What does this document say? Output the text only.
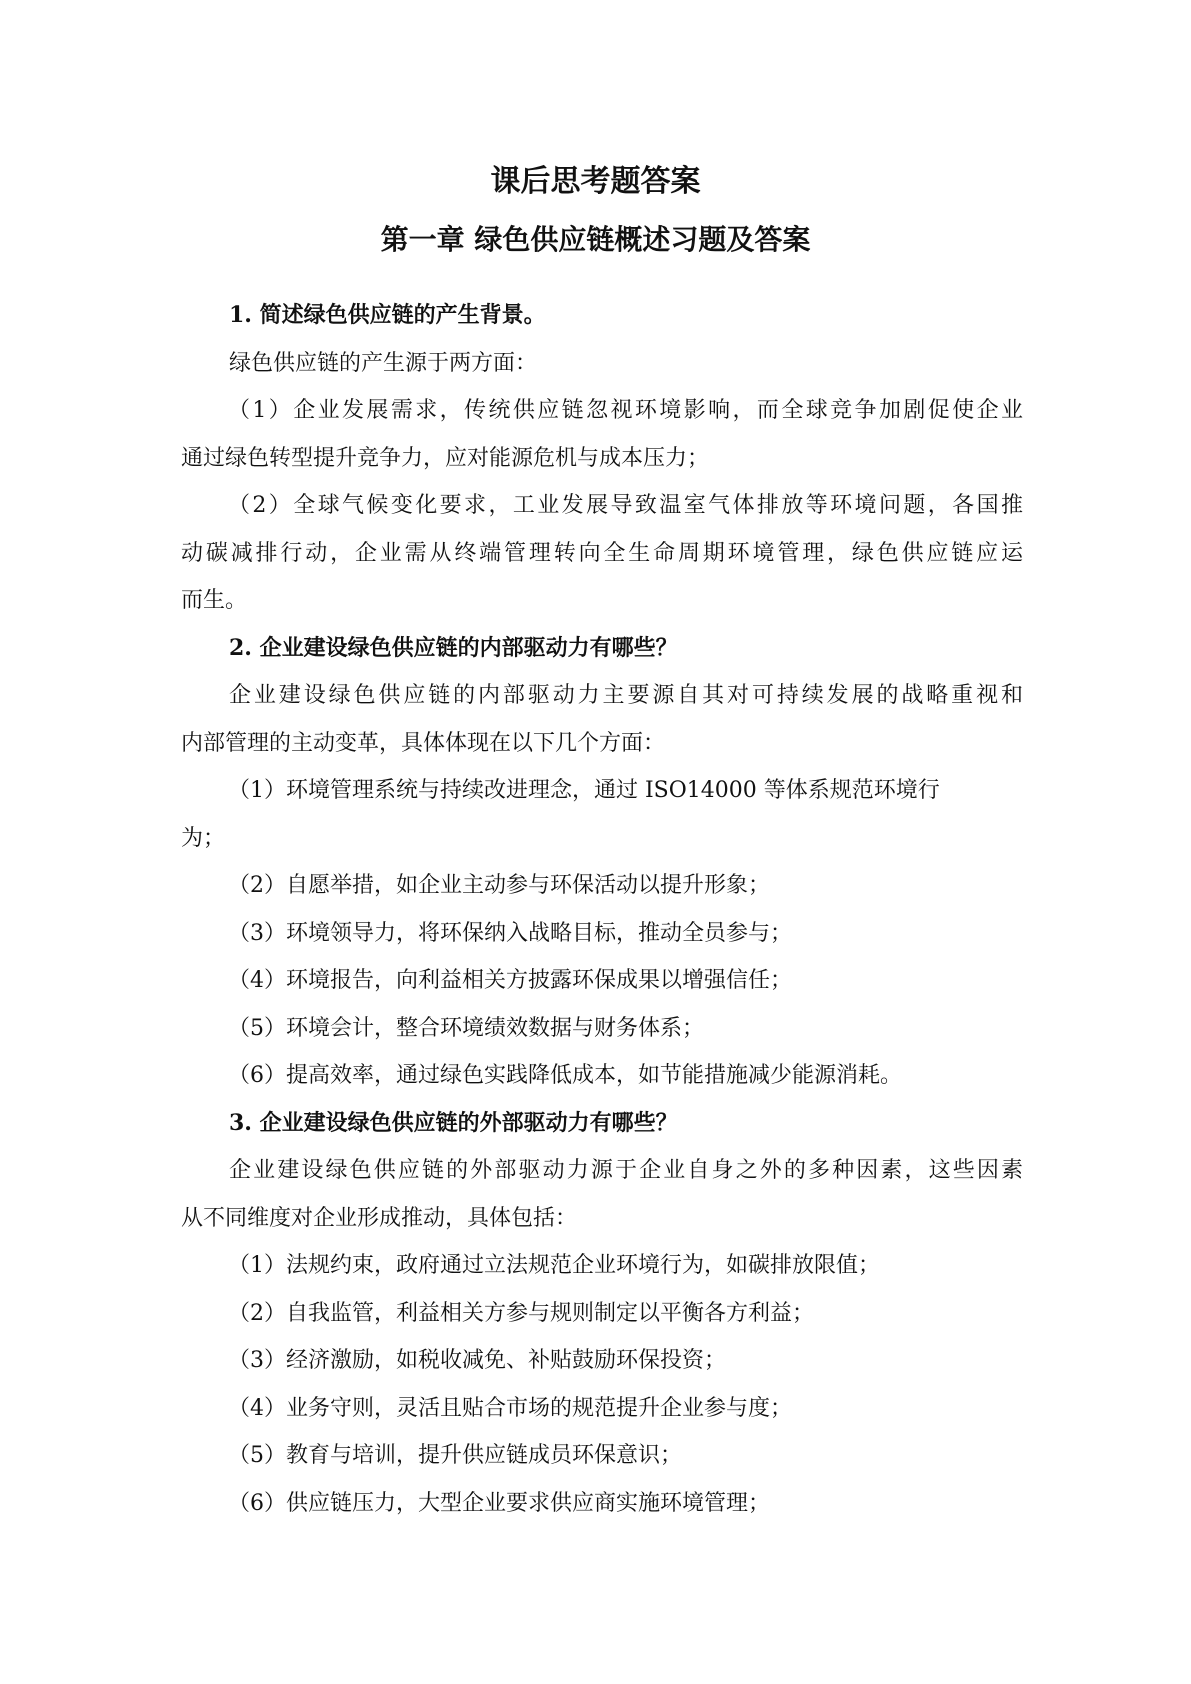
课后思考题答案
第一章 绿色供应链概述习题及答案
1. 简述绿色供应链的产生背景。
绿色供应链的产生源于两方面：
（1）企业发展需求，传统供应链忽视环境影响，而全球竞争加剧促使企业
通过绿色转型提升竞争力，应对能源危机与成本压力；
（2）全球气候变化要求，工业发展导致温室气体排放等环境问题，各国推
动碳减排行动，企业需从终端管理转向全生命周期环境管理，绿色供应链应运
而生。
2. 企业建设绿色供应链的内部驱动力有哪些？
企业建设绿色供应链的内部驱动力主要源自其对可持续发展的战略重视和
内部管理的主动变革，具体体现在以下几个方面：
（1）环境管理系统与持续改进理念，通过 ISO14000 等体系规范环境行
为；
（2）自愿举措，如企业主动参与环保活动以提升形象；
（3）环境领导力，将环保纳入战略目标，推动全员参与；
（4）环境报告，向利益相关方披露环保成果以增强信任；
（5）环境会计，整合环境绩效数据与财务体系；
（6）提高效率，通过绿色实践降低成本，如节能措施减少能源消耗。
3. 企业建设绿色供应链的外部驱动力有哪些？
企业建设绿色供应链的外部驱动力源于企业自身之外的多种因素，这些因素
从不同维度对企业形成推动，具体包括：
（1）法规约束，政府通过立法规范企业环境行为，如碳排放限值；
（2）自我监管，利益相关方参与规则制定以平衡各方利益；
（3）经济激励，如税收减免、补贴鼓励环保投资；
（4）业务守则，灵活且贴合市场的规范提升企业参与度；
（5）教育与培训，提升供应链成员环保意识；
（6）供应链压力，大型企业要求供应商实施环境管理；
